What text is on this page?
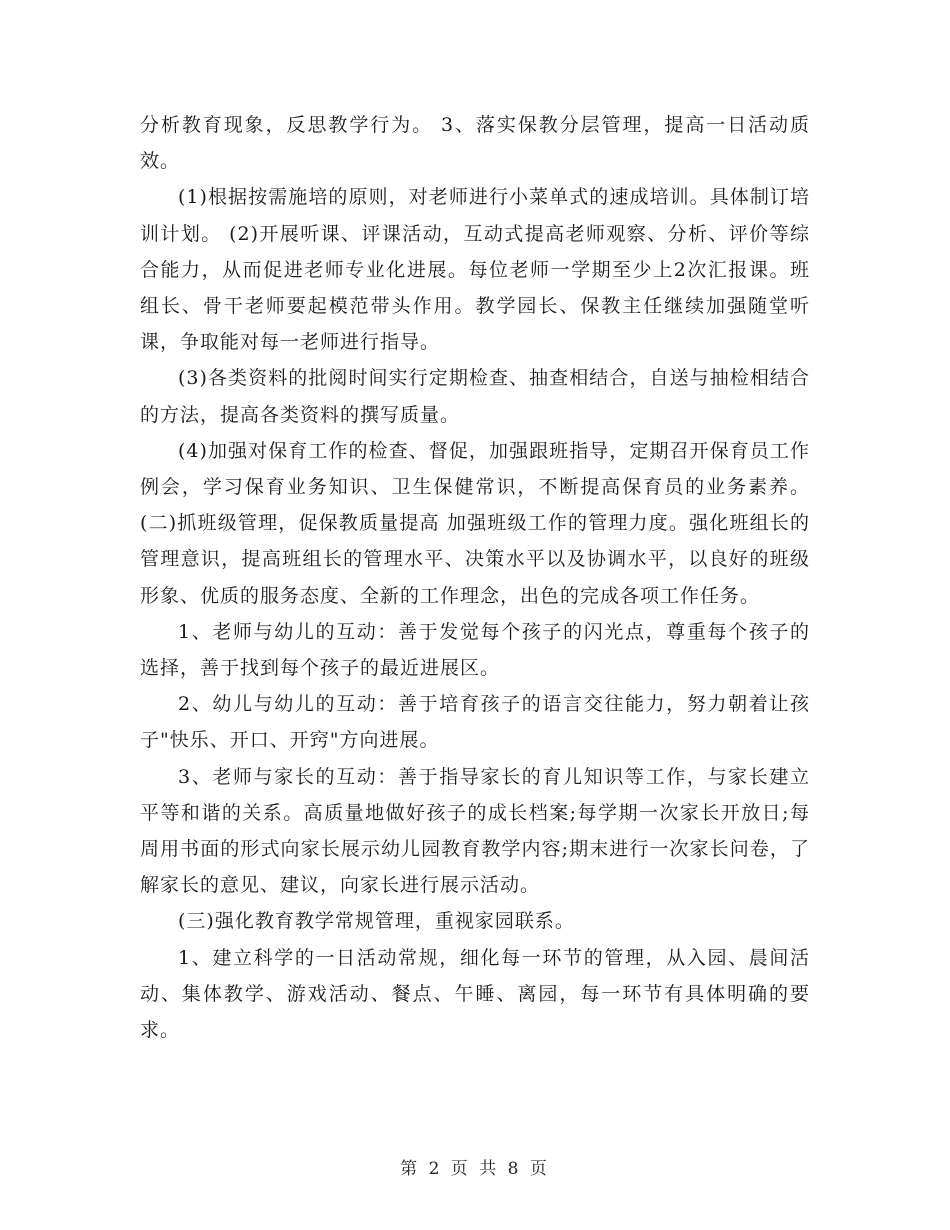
分析教育现象，反思教学行为。 3、落实保教分层管理，提高一日活动质效。

(1)根据按需施培的原则，对老师进行小菜单式的速成培训。具体制订培训计划。 (2)开展听课、评课活动，互动式提高老师观察、分析、评价等综合能力，从而促进老师专业化进展。每位老师一学期至少上2次汇报课。班组长、骨干老师要起模范带头作用。教学园长、保教主任继续加强随堂听课，争取能对每一老师进行指导。

(3)各类资料的批阅时间实行定期检查、抽查相结合，自送与抽检相结合的方法，提高各类资料的撰写质量。

(4)加强对保育工作的检查、督促，加强跟班指导，定期召开保育员工作例会，学习保育业务知识、卫生保健常识，不断提高保育员的业务素养。 (二)抓班级管理，促保教质量提高 加强班级工作的管理力度。强化班组长的管理意识，提高班组长的管理水平、决策水平以及协调水平，以良好的班级形象、优质的服务态度、全新的工作理念，出色的完成各项工作任务。

1、老师与幼儿的互动：善于发觉每个孩子的闪光点，尊重每个孩子的选择，善于找到每个孩子的最近进展区。

2、幼儿与幼儿的互动：善于培育孩子的语言交往能力，努力朝着让孩子"快乐、开口、开窍"方向进展。

3、老师与家长的互动：善于指导家长的育儿知识等工作，与家长建立平等和谐的关系。高质量地做好孩子的成长档案;每学期一次家长开放日;每周用书面的形式向家长展示幼儿园教育教学内容;期末进行一次家长问卷，了解家长的意见、建议，向家长进行展示活动。

(三)强化教育教学常规管理，重视家园联系。

1、建立科学的一日活动常规，细化每一环节的管理，从入园、晨间活动、集体教学、游戏活动、餐点、午睡、离园，每一环节有具体明确的要求。

第 2 页 共 8 页
